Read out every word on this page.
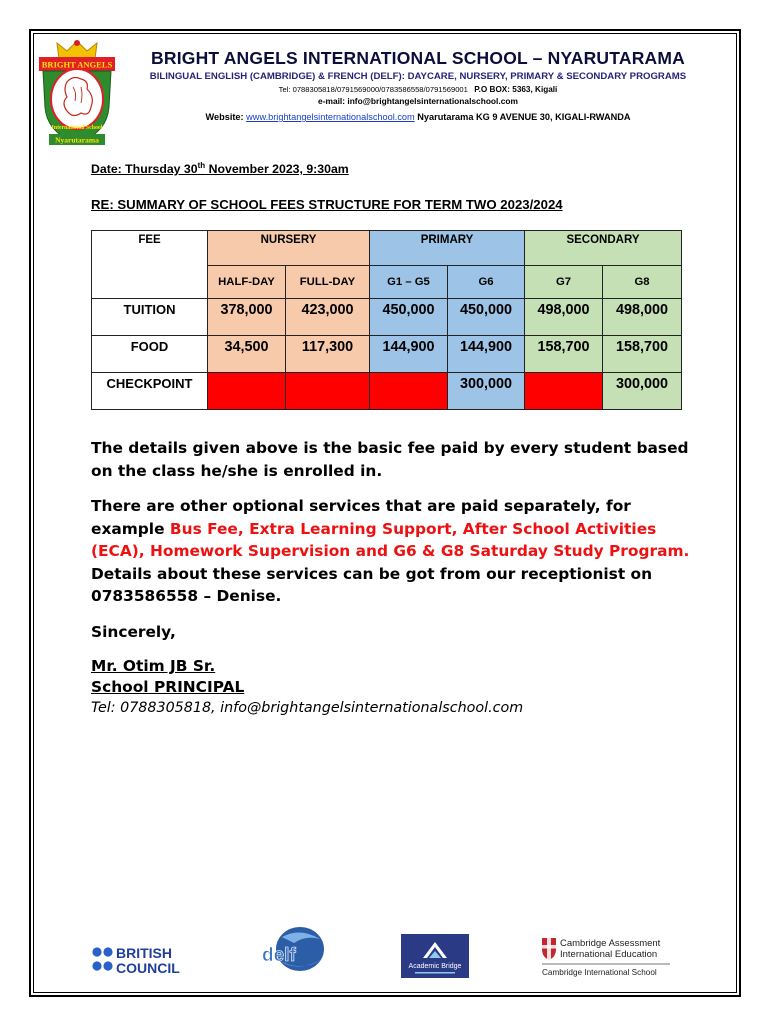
BRIGHT ANGELS
International School
Nyarutarama
BRIGHT ANGELS INTERNATIONAL SCHOOL – NYARUTARAMA
BILINGUAL ENGLISH (CAMBRIDGE) & FRENCH (DELF): DAYCARE, NURSERY, PRIMARY & SECONDARY PROGRAMS
Tel: 0788305818/0791569000/0783586558/0791569001 P.O BOX: 5363, Kigali
e-mail: info@brightangelsinternationalschool.com
Website: www.brightangelsinternationalschool.com Nyarutarama KG 9 AVENUE 30, KIGALI-RWANDA
Date: Thursday 30th November 2023, 9:30am
RE: SUMMARY OF SCHOOL FEES STRUCTURE FOR TERM TWO 2023/2024
FEE	NURSERY		PRIMARY		SECONDARY	
	HALF-DAY	FULL-DAY	G1 – G5	G6	G7	G8
TUITION	378,000	423,000	450,000	450,000	498,000	498,000
FOOD	34,500	117,300	144,900	144,900	158,700	158,700
CHECKPOINT				300,000		300,000

The details given above is the basic fee paid by every student based on the class he/she is enrolled in.

There are other optional services that are paid separately, for example Bus Fee, Extra Learning Support, After School Activities (ECA), Homework Supervision and G6 & G8 Saturday Study Program. Details about these services can be got from our receptionist on 0783586558 – Denise.

Sincerely,

Mr. Otim JB Sr.

School PRINCIPAL

Tel: 0788305818, info@brightangelsinternationalschool.com

BRITISH
COUNCIL
delf
Academic Bridge
Cambridge Assessment
International Education
Cambridge International School
